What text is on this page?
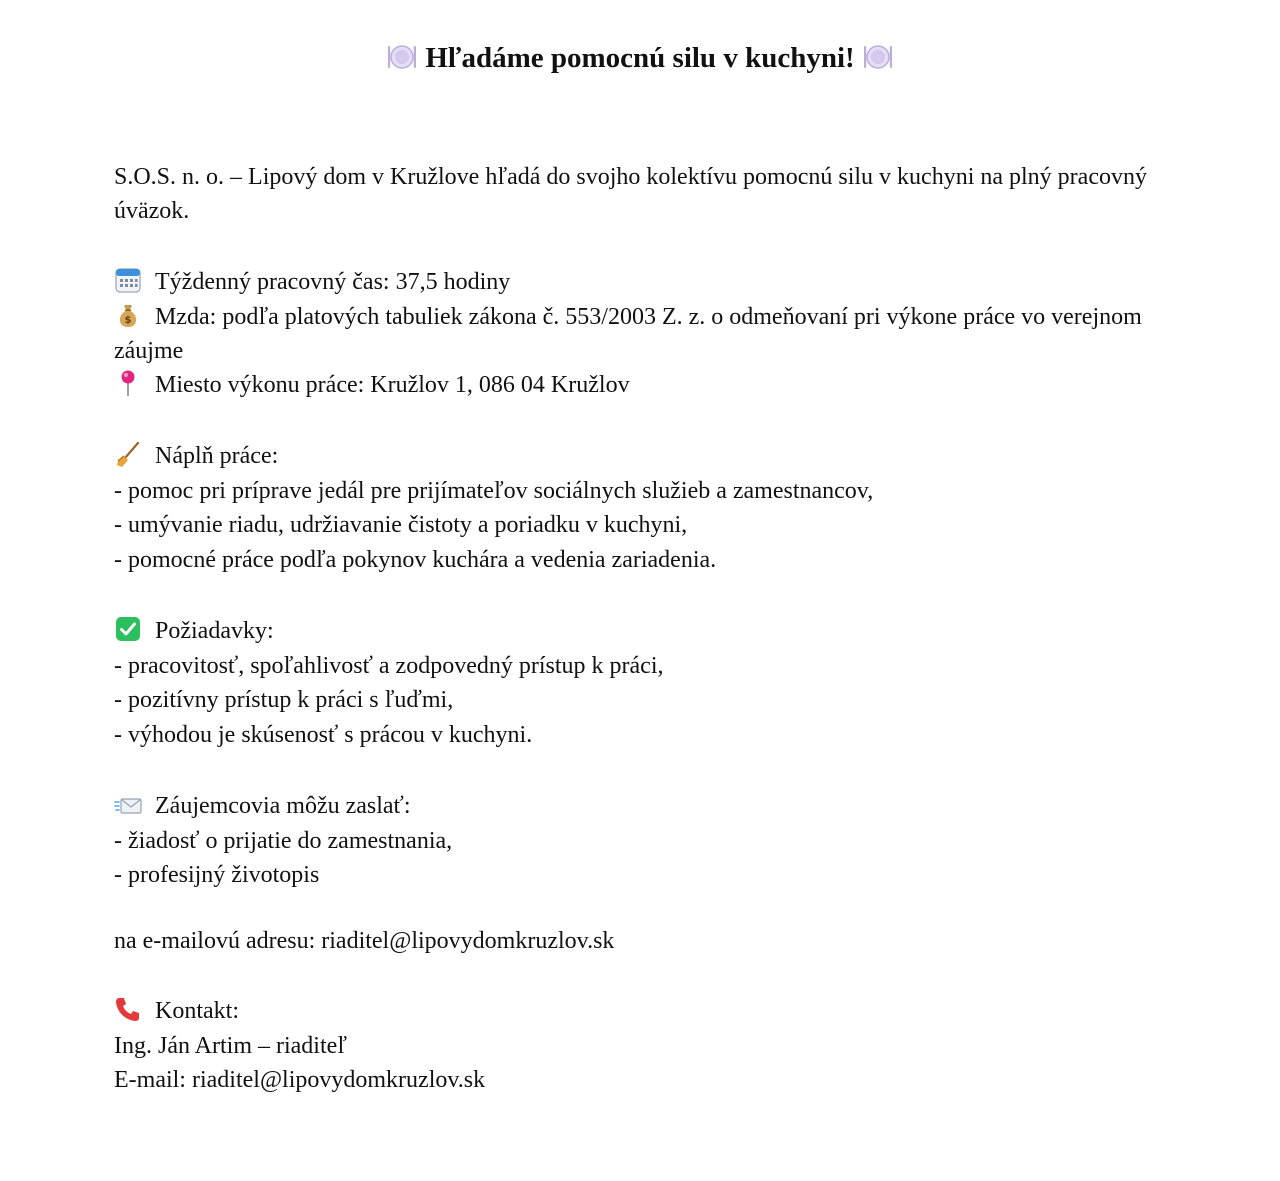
Hľadáme pomocnú silu v kuchyni!
S.O.S. n. o. – Lipový dom v Kružlove hľadá do svojho kolektívu pomocnú silu v kuchyni na plný pracovný úväzok.
Týždenný pracovný čas: 37,5 hodiny
$ Mzda: podľa platových tabuliek zákona č. 553/2003 Z. z. o odmeňovaní pri výkone práce vo verejnom záujme
Miesto výkonu práce: Kružlov 1, 086 04 Kružlov
Náplň práce:
- pomoc pri príprave jedál pre prijímateľov sociálnych služieb a zamestnancov,
- umývanie riadu, udržiavanie čistoty a poriadku v kuchyni,
- pomocné práce podľa pokynov kuchára a vedenia zariadenia.
Požiadavky:
- pracovitosť, spoľahlivosť a zodpovedný prístup k práci,
- pozitívny prístup k práci s ľuďmi,
- výhodou je skúsenosť s prácou v kuchyni.
Záujemcovia môžu zaslať:
- žiadosť o prijatie do zamestnania,
- profesijný životopis
na e-mailovú adresu: riaditel@lipovydomkruzlov.sk
Kontakt:
Ing. Ján Artim – riaditeľ
E-mail: riaditel@lipovydomkruzlov.sk
